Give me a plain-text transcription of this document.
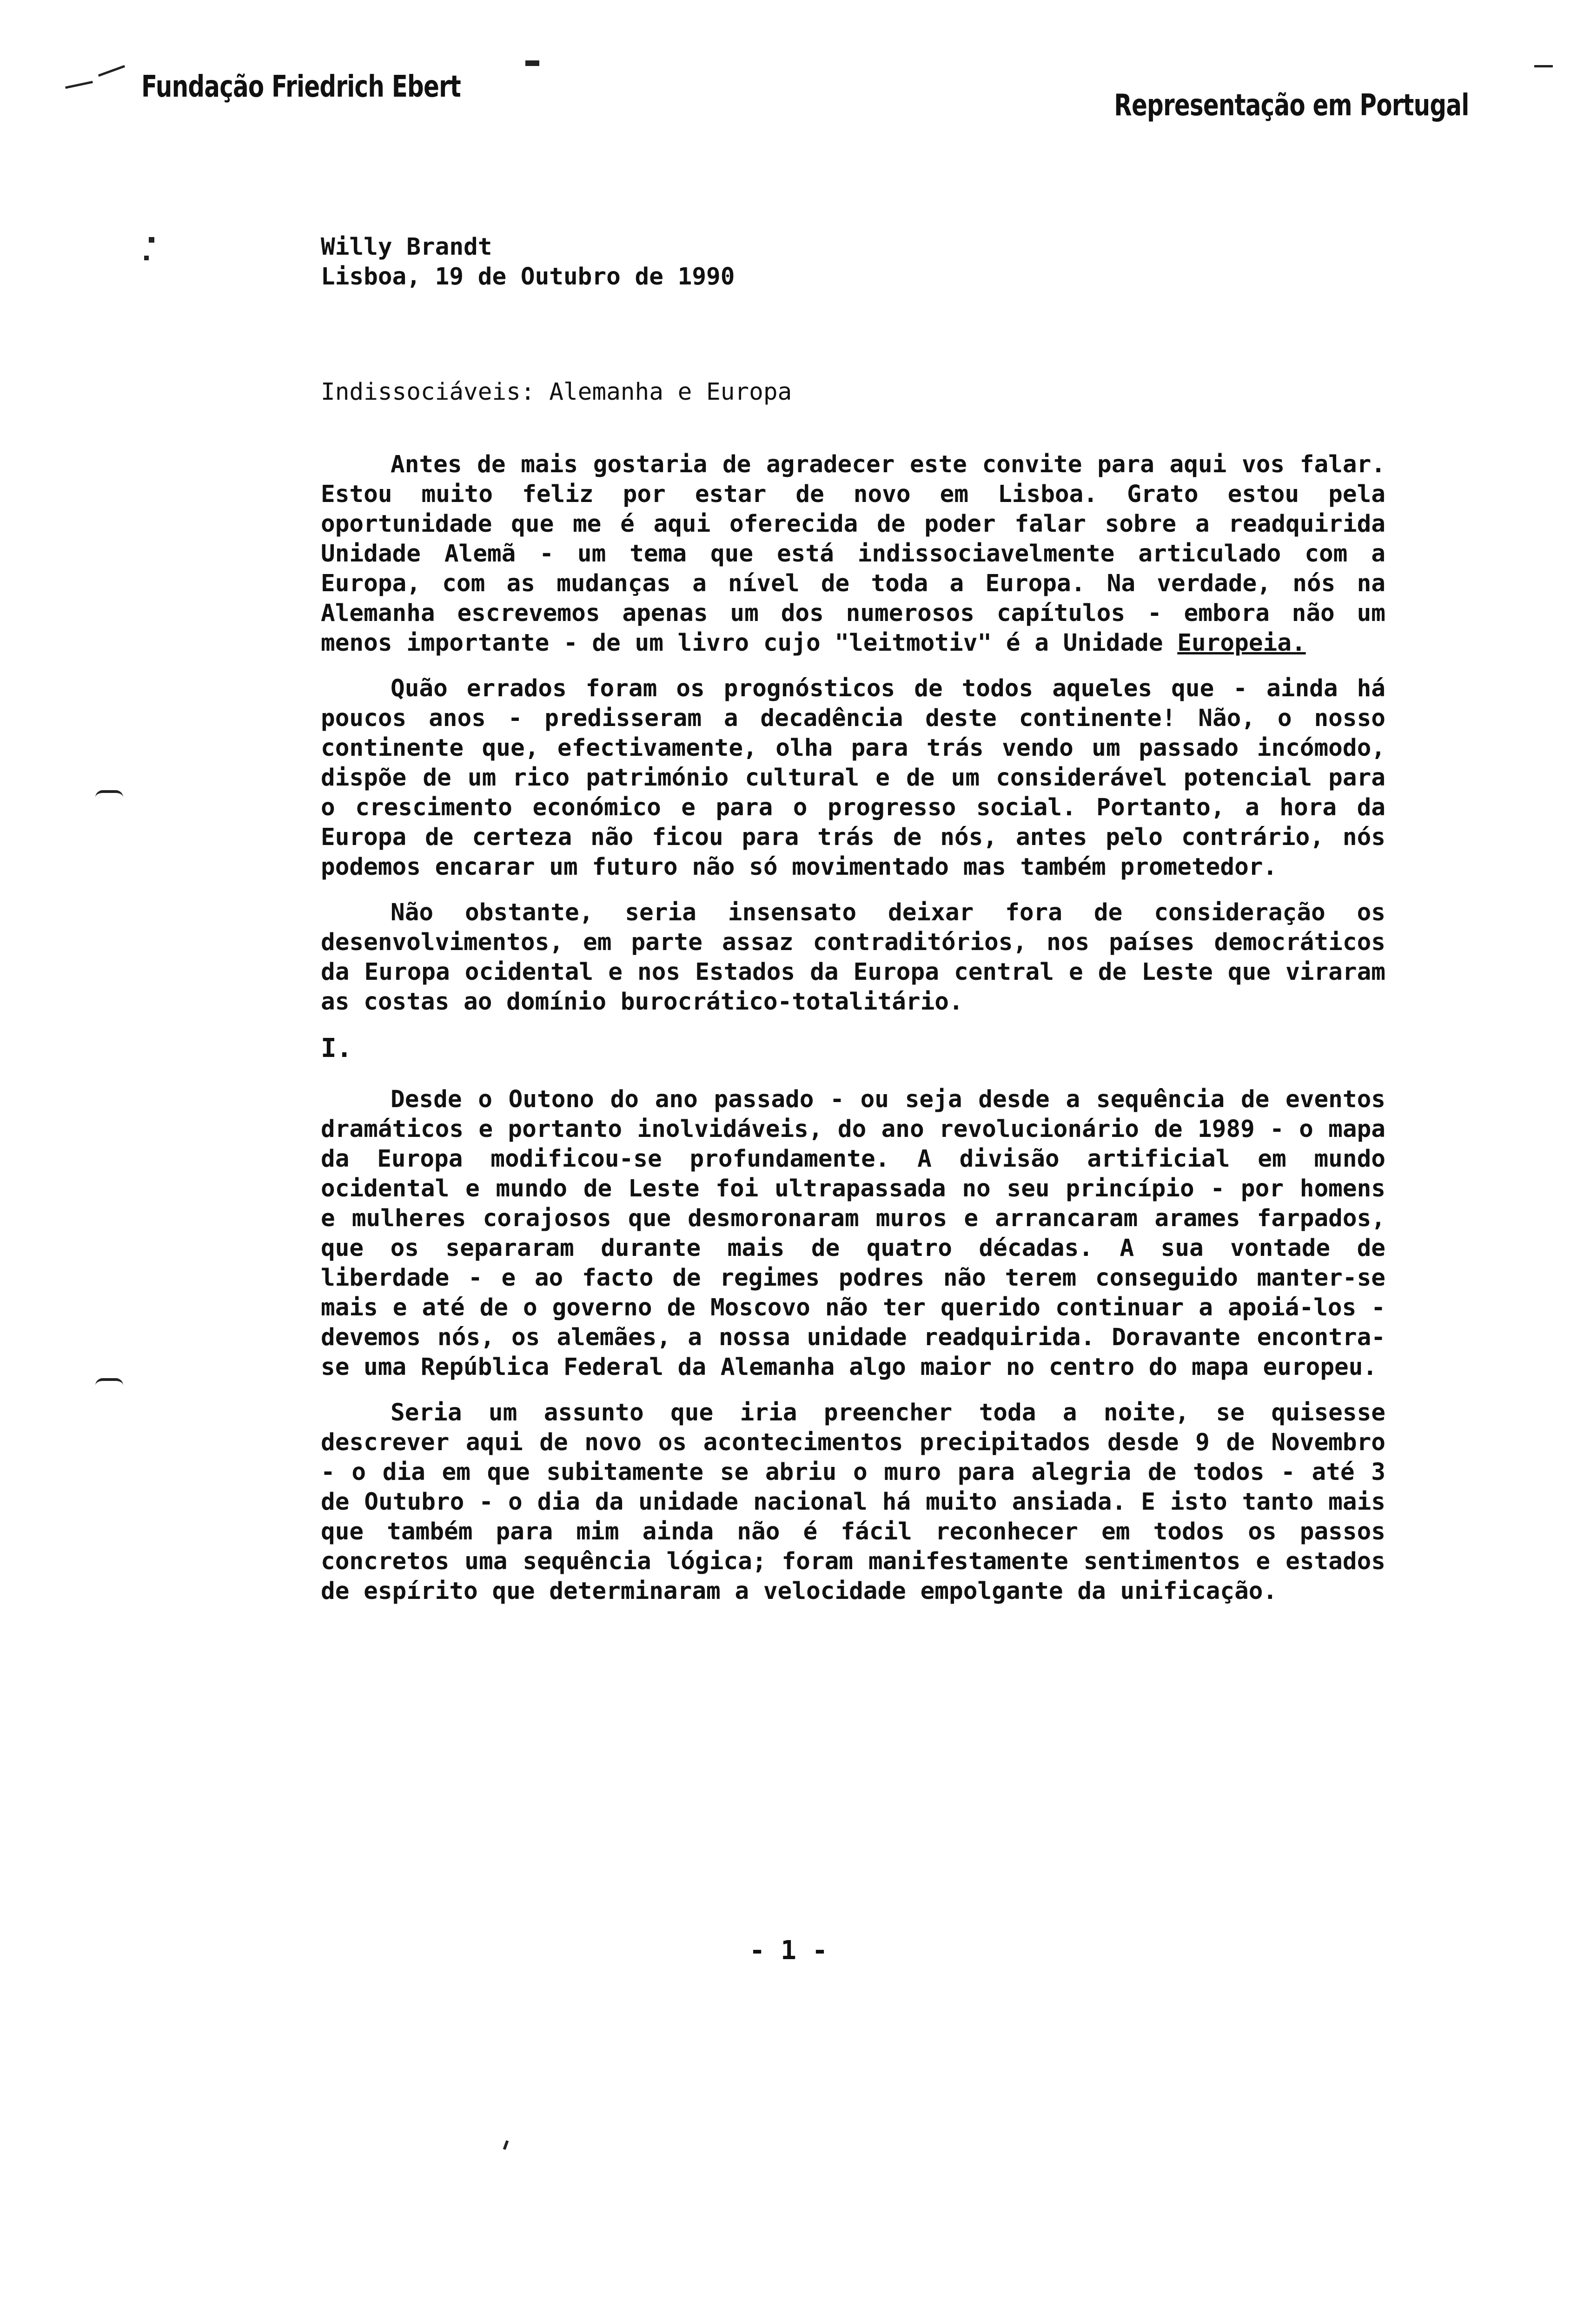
Fundação Friedrich Ebert
Representação em Portugal
Willy Brandt
Lisboa, 19 de Outubro de 1990
Indissociáveis: Alemanha e Europa

Antes de mais gostaria de agradecer este convite para aqui vos falar. Estou muito feliz por estar de novo em Lisboa. Grato estou pela oportunidade que me é aqui oferecida de poder falar sobre a readquirida Unidade Alemã - um tema que está indissociavelmente articulado com a Europa, com as mudanças a nível de toda a Europa. Na verdade, nós na Alemanha escrevemos apenas um dos numerosos capítulos - embora não um menos importante - de um livro cujo "leitmotiv" é a Unidade Europeia.

Quão errados foram os prognósticos de todos aqueles que - ainda há poucos anos - predisseram a decadência deste continente! Não, o nosso continente que, efectivamente, olha para trás vendo um passado incómodo, dispõe de um rico património cultural e de um considerável potencial para o crescimento económico e para o progresso social. Portanto, a hora da Europa de certeza não ficou para trás de nós, antes pelo contrário, nós podemos encarar um futuro não só movimentado mas também prometedor.

Não obstante, seria insensato deixar fora de consideração os desenvolvimentos, em parte assaz contraditórios, nos países democráticos da Europa ocidental e nos Estados da Europa central e de Leste que viraram as costas ao domínio burocrático-totalitário.

I.

Desde o Outono do ano passado - ou seja desde a sequência de eventos dramáticos e portanto inolvidáveis, do ano revolucionário de 1989 - o mapa da Europa modificou-se profundamente. A divisão artificial em mundo ocidental e mundo de Leste foi ultrapassada no seu princípio - por homens e mulheres corajosos que desmoronaram muros e arrancaram arames farpados, que os separaram durante mais de quatro décadas. A sua vontade de liberdade - e ao facto de regimes podres não terem conseguido manter-se mais e até de o governo de Moscovo não ter querido continuar a apoiá-los - devemos nós, os alemães, a nossa unidade readquirida. Doravante encontra-se uma República Federal da Alemanha algo maior no centro do mapa europeu.

Seria um assunto que iria preencher toda a noite, se quisesse descrever aqui de novo os acontecimentos precipitados desde 9 de Novembro - o dia em que subitamente se abriu o muro para alegria de todos - até 3 de Outubro - o dia da unidade nacional há muito ansiada. E isto tanto mais que também para mim ainda não é fácil reconhecer em todos os passos concretos uma sequência lógica; foram manifestamente sentimentos e estados de espírito que determinaram a velocidade empolgante da unificação.

- 1 -
